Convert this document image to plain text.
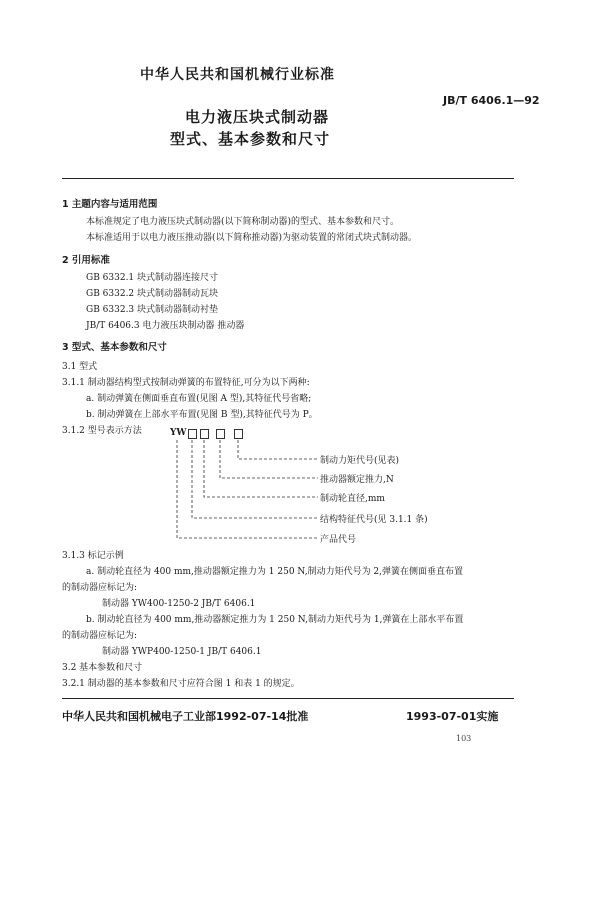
中华人民共和国机械行业标准
JB/T 6406.1—92
电力液压块式制动器
型式、基本参数和尺寸
1 主题内容与适用范围
本标准规定了电力液压块式制动器(以下简称制动器)的型式、基本参数和尺寸。
本标准适用于以电力液压推动器(以下简称推动器)为驱动装置的常闭式块式制动器。
2 引用标准
GB 6332.1 块式制动器连接尺寸
GB 6332.2 块式制动器制动瓦块
GB 6332.3 块式制动器制动衬垫
JB/T 6406.3 电力液压块制动器 推动器
3 型式、基本参数和尺寸
3.1 型式
3.1.1 制动器结构型式按制动弹簧的布置特征,可分为以下两种:
a. 制动弹簧在侧面垂直布置(见图 A 型),其特征代号省略;
b. 制动弹簧在上部水平布置(见图 B 型),其特征代号为 P。
3.1.2 型号表示方法	YW
制动力矩代号(见表)
推动器额定推力,N
制动轮直径,mm
结构特征代号(见 3.1.1 条)
产品代号
3.1.3 标记示例
a. 制动轮直径为 400 mm,推动器额定推力为 1 250 N,制动力矩代号为 2,弹簧在侧面垂直布置
的制动器应标记为:
制动器 YW400-1250-2 JB/T 6406.1
b. 制动轮直径为 400 mm,推动器额定推力为 1 250 N,制动力矩代号为 1,弹簧在上部水平布置
的制动器应标记为:
制动器 YWP400-1250-1 JB/T 6406.1
3.2 基本参数和尺寸
3.2.1 制动器的基本参数和尺寸应符合图 1 和表 1 的规定。
中华人民共和国机械电子工业部1992-07-14批准	1993-07-01实施
103
